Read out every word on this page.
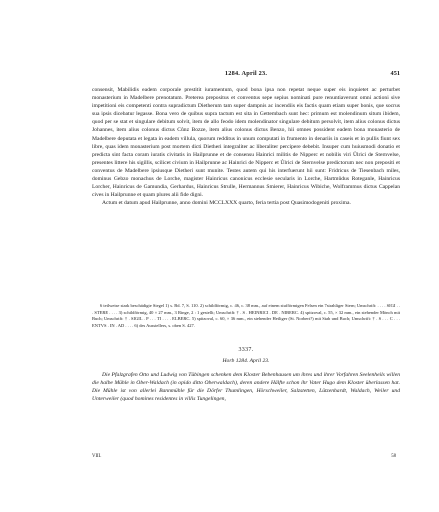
1284. April 23.	451

consensit, Mabilidis eadem corporale prestitit iuramentum, quod bona ipsa non repetat neque super eis inquietet ac perturbet monasterium in Madelbere prenotatum. Preterea prepositus et conventus sepe sepius nominati pure renuntiaverunt omni actioni sive impetitioni eis competenti contra supradictum Dietherum tam super dampnis ac incendiis eis factis quam etiam super bonis, que socrus sua ipsis dicebatur legasse. Bona vero de quibus supra tactum est sita in Gettembach sunt hec: primum est molendinum situm ibidem, quod per se stat et singulare debitum solvit, item de allo feodo idem molendinator singulare debitum persolvit, item alius colonus dictus Johannes, item alius colonus dictus Cůnz Bozze, item alius colonus dictus Benzo, hii omnes possident eadem bona monasterio de Madelbere deputata et legata in eadem villula, quorum redditus in unum computati in frumento in denariis in caseis et in pullis fiunt sex libre, quas idem monasterium post mortem dicti Dietheri integraliter ac liberaliter percipere debebit. Insuper cum huiusmodi donatio et predicta sint facta coram iuratis civitatis in Hailprunne et de consensu Hainrici militis de Nipperc et nobilis viri Ůlrici de Sternvelse, presentes littere his sigillis, scilicet civium in Hailprunne ac Hainrici de Nipperc et Ůlrici de Sternvelse predictorum nec non prepositi et conventus de Madelbere ipsiusque Dietheri sunt munite. Testes autem qui his interfuerunt hii sunt: Fridricus de Tiesenbach miles, dominus Gebzo monachus de Lorche, magister Hainricus canonicus ecclesie secularis in Lorche, Hartmůdus Roteganle, Hainricus Lorcher, Hainricus de Gamundia, Gerhardus, Hainricus Strulle, Hermannus Smierer, Hainricus Wibiche, Wolframmus dictus Cappelan cives in Hailprunne et quam plures alii fide digni.

Actum et datum apud Hailprunne, anno domini MCCLXXX quarto, feria tertia post Quasimodogeniti proxima.

6 teilweise stark beschädigte Siegel 1) s. Bd. 7, S. 110. 2) schildförmig, c. 46, c. 38 mm., auf einem stufförmigen Felsen ein 7strahliger Stern; Umschrift: . . . . SIGI . . . STERE . . . . 3) schildförmig, 40 × 27 mm., 3 Ringe, 2 : 1 gestellt; Umschrift: † . S . HEINRICI . DE . NIBERC. 4) spitzoval, c. 55, × 32 mm., ein stehender Mönch mit Buch; Umschrift: † . SIGIL . P . . . TI . . . . ELBERC. 5) spitzoval, c. 60, × 36 mm., ein stehender Heiliger (St. Norbert?) mit Stab und Buch; Umschrift: † . S . . . C . . . ENTVS . IN . AD . . . . 6) des Ausstellers, s. oben S. 427.

3337.
Horb 1284. April 23.

Die Pfalzgrafen Otto und Ludwig von Tübingen schenken dem Kloster Bebenhausen um ihres und ihrer Vorfahren Seelenheils willen die halbe Mühle in Ober-Waldach (in opido ditto Oberwaldach), deren andere Hälfte schon ihr Vater Hugo dem Kloster überlassen hat. Die Mühle ist von allerlei Bannmühle für die Dörfer Thumlingen, Hörschweiler, Salzstetten, Lützenhardt, Waldach, Weiler und Unterweiler (quod homines residentes in villis Tungelingen,

VIII.	58
